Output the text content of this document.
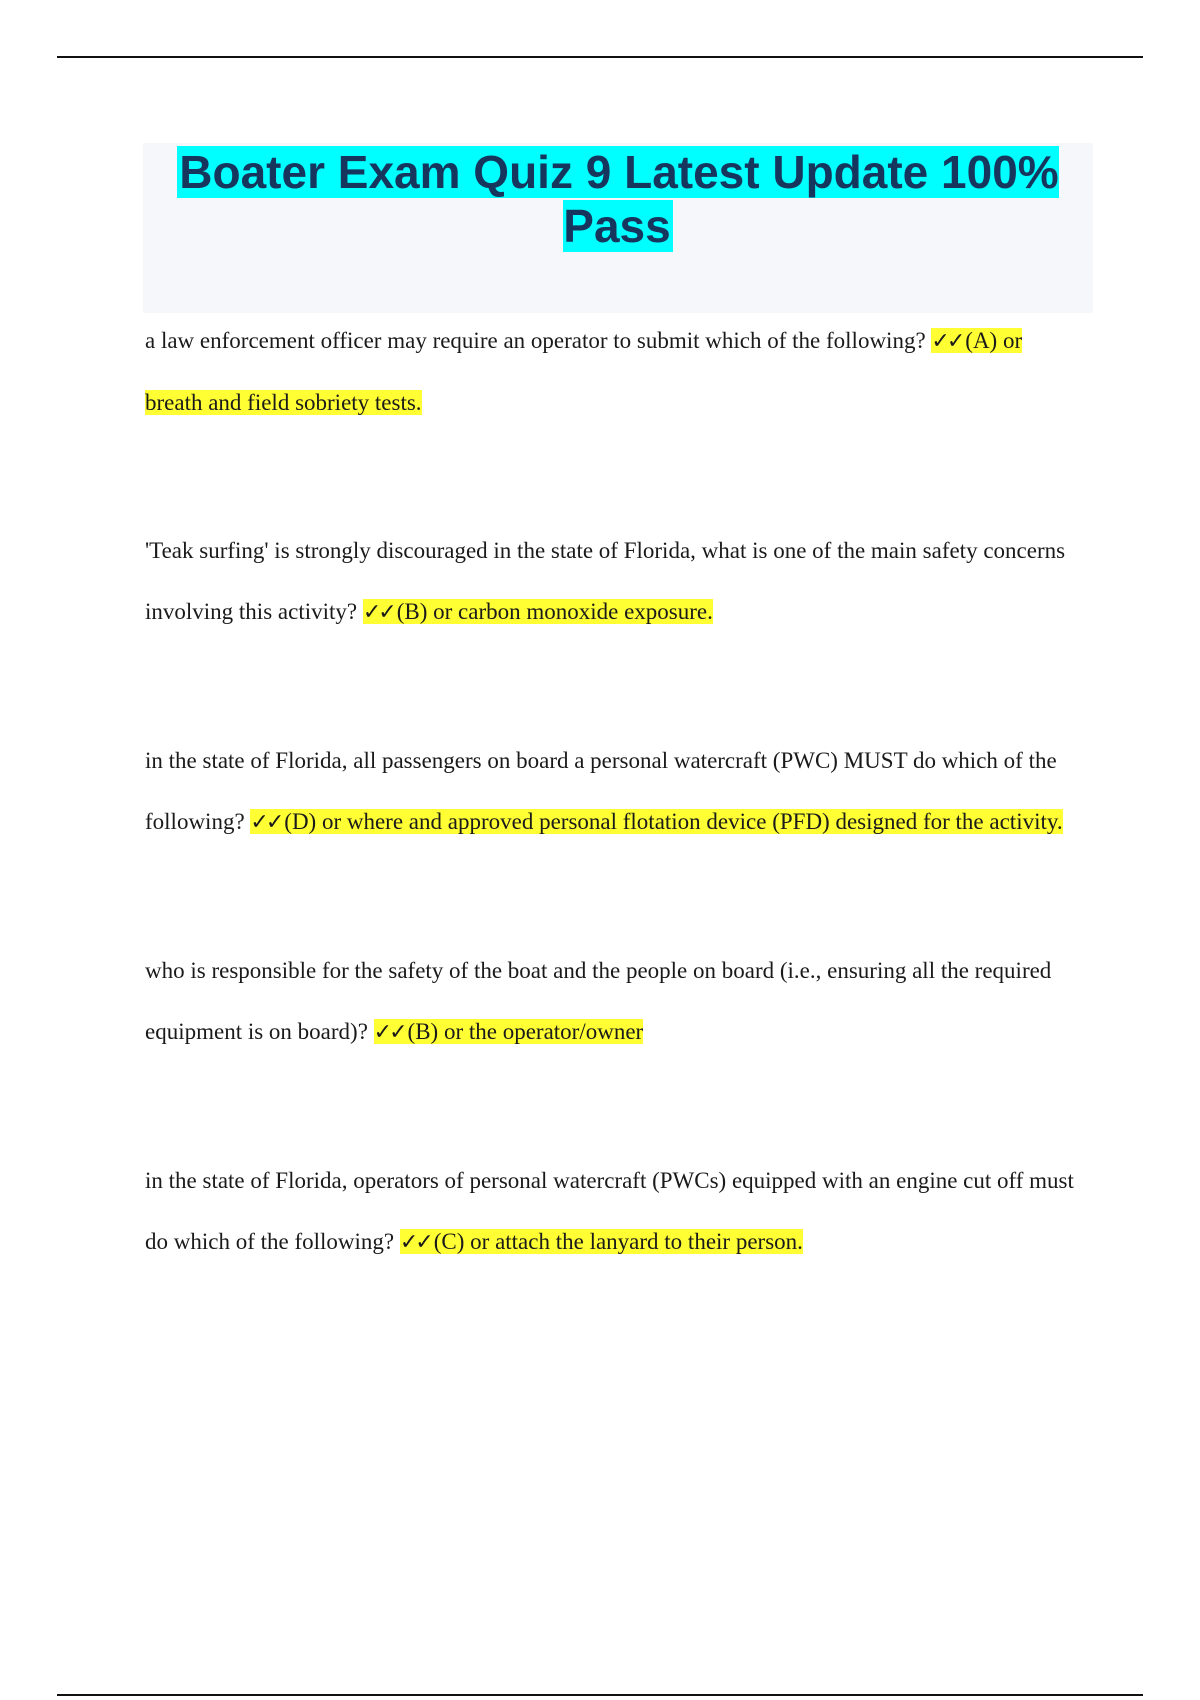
Boater Exam Quiz 9 Latest Update 100% Pass

a law enforcement officer may require an operator to submit which of the following? ✓✓ (A) or breath and field sobriety tests.

'Teak surfing' is strongly discouraged in the state of Florida, what is one of the main safety concerns involving this activity? ✓✓ (B) or carbon monoxide exposure.

in the state of Florida, all passengers on board a personal watercraft (PWC) MUST do which of the following? ✓✓ (D) or where and approved personal flotation device (PFD) designed for the activity.

who is responsible for the safety of the boat and the people on board (i.e., ensuring all the required equipment is on board)? ✓✓ (B) or the operator/owner

in the state of Florida, operators of personal watercraft (PWCs) equipped with an engine cut off must do which of the following? ✓✓ (C) or attach the lanyard to their person.
